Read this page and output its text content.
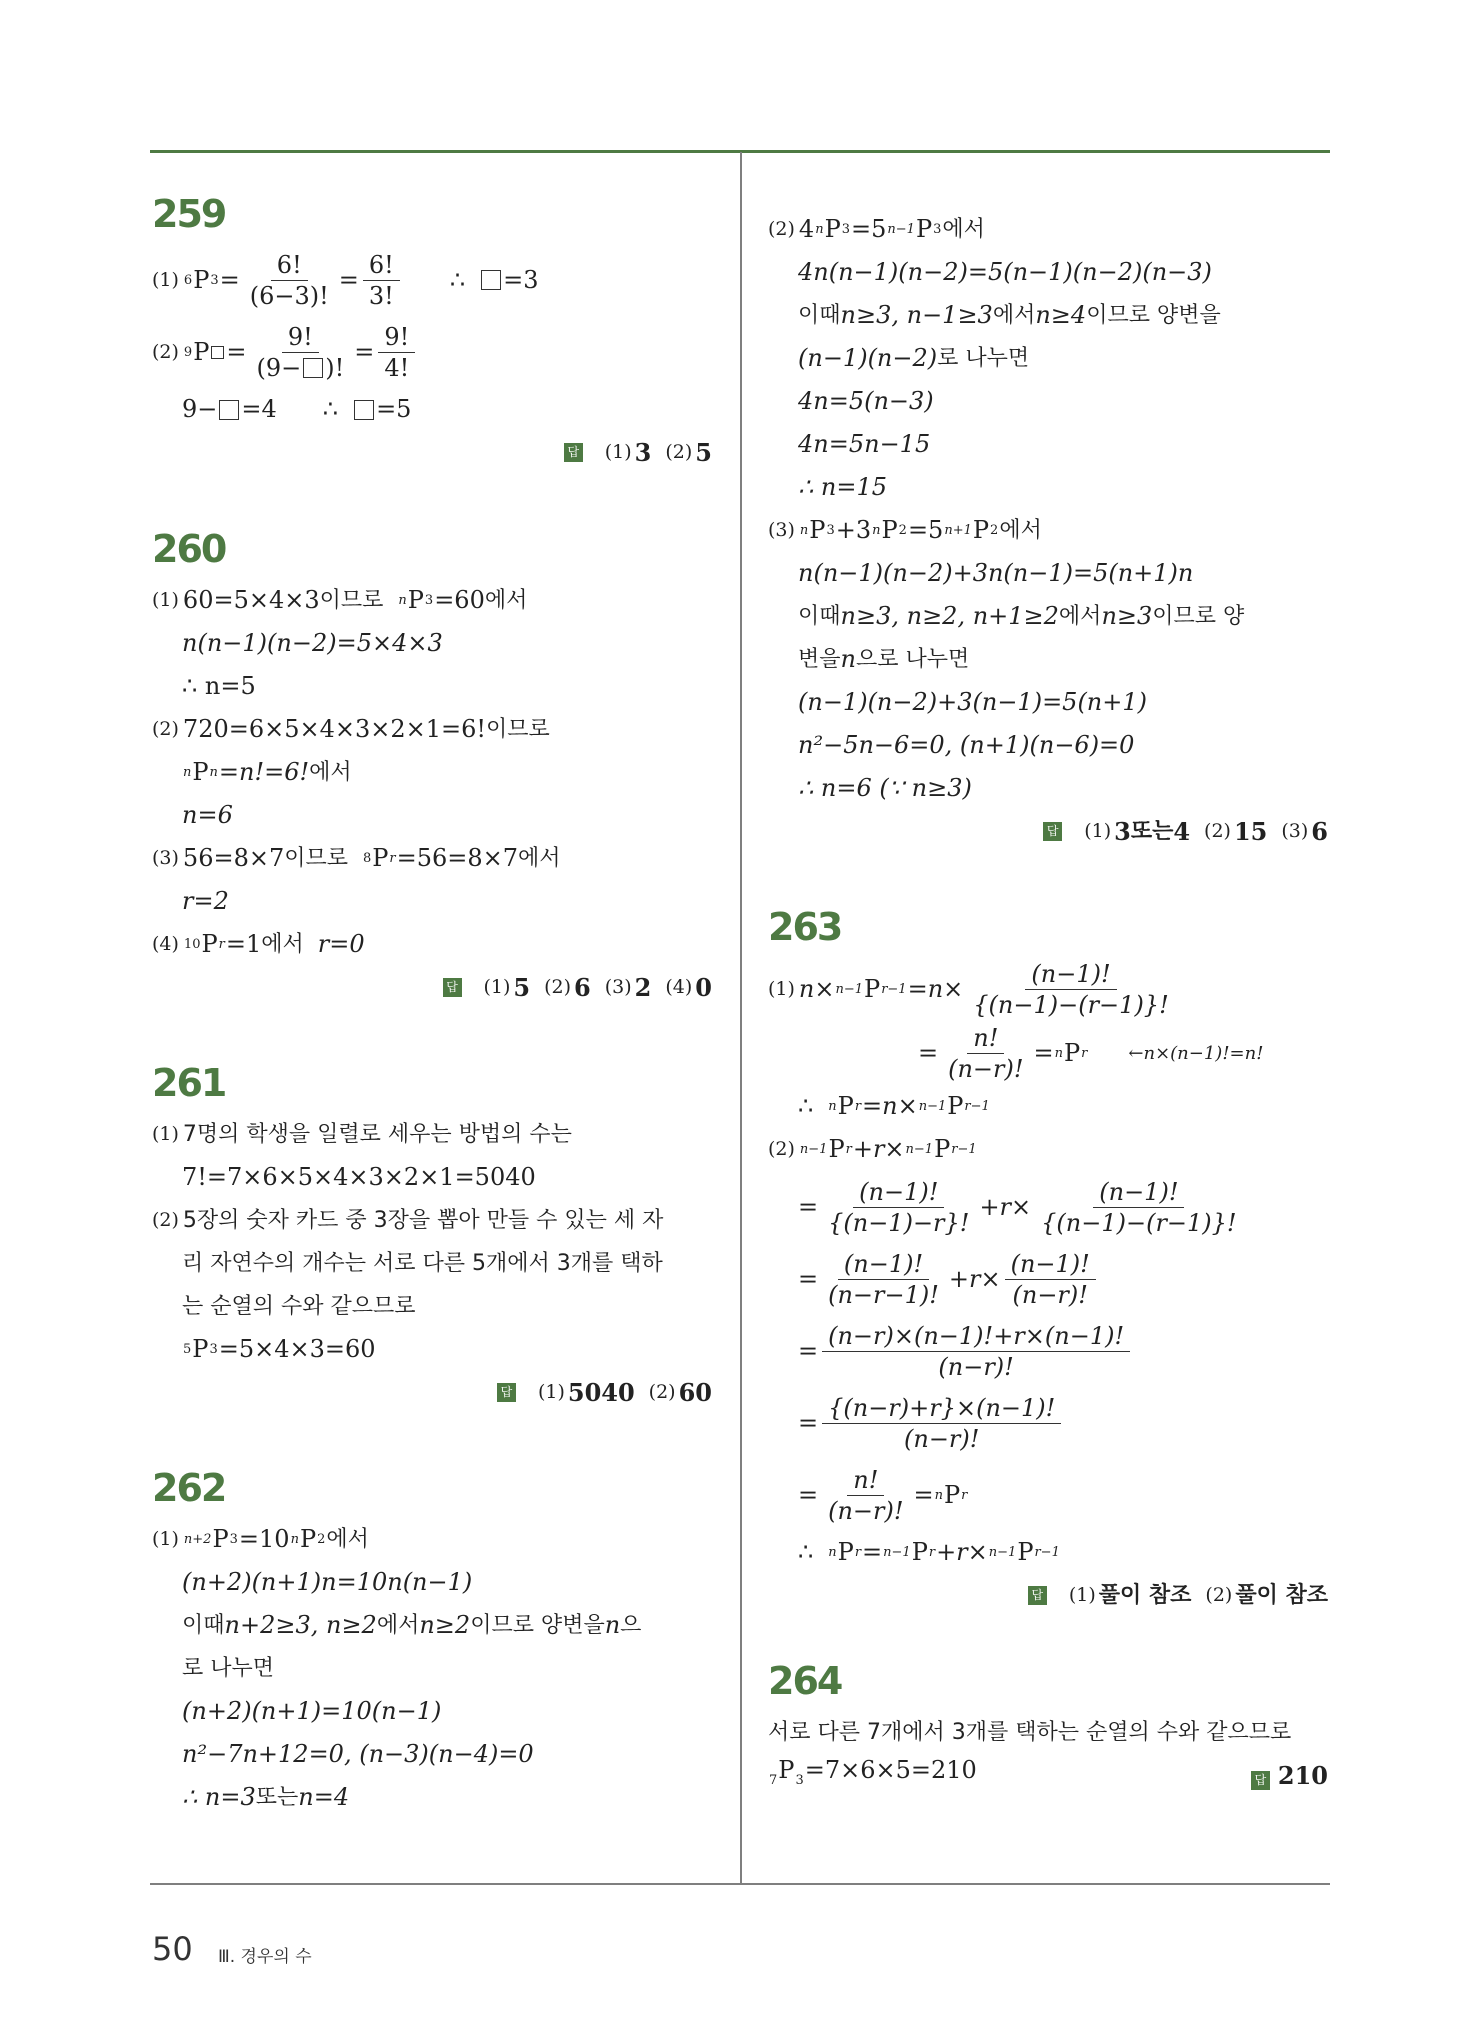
259
(1) 6 P $3 = \frac{6!}{(6-3)!} = \frac{6!}{3!}$ ∴ =3
(2) 9 $P = \frac{9!}{(9- )!} = \frac{9!}{4!}$
9− =4 ∴ =5
답 (1) 3 (2) 5
260
(1) 60=5×4×3 이므로 n P 3 =60 에서
n(n−1)(n−2)=5×4×3
∴ n=5
(2) 720=6×5×4×3×2×1=6! 이므로
n P n =n!=6! 에서
n=6
(3) 56=8×7 이므로 8 P r =56=8×7 에서
r=2
(4) 10 P r =1 에서 r=0
답 (1) 5 (2) 6 (3) 2 (4) 0
261
(1) 7명의 학생을 일렬로 세우는 방법의 수는
7!=7×6×5×4×3×2×1=5040
(2) 5장의 숫자 카드 중 3장을 뽑아 만들 수 있는 세 자
리 자연수의 개수는 서로 다른 5개에서 3개를 택하
는 순열의 수와 같으므로
5 P 3 =5×4×3=60
답 (1) 5040 (2) 60
262
(1) n+2 P 3 =10 n P 2 에서
(n+2)(n+1)n=10n(n−1)
이때 n+2≥3, n≥2 에서 n≥2 이므로 양변을 n 으
로 나누면
(n+2)(n+1)=10(n−1)
n²−7n+12=0, (n−3)(n−4)=0
∴ n=3 또는 n=4
(2) 4 n P 3 =5 n−1 P 3 에서
4n(n−1)(n−2)=5(n−1)(n−2)(n−3)
이때 n≥3, n−1≥3 에서 n≥4 이므로 양변을
(n−1)(n−2) 로 나누면
4n=5(n−3)
4n=5n−15
∴ n=15
(3) n P 3 +3 n P 2 =5 n+1 P 2 에서
n(n−1)(n−2)+3n(n−1)=5(n+1)n
이때 n≥3, n≥2, n+1≥2 에서 n≥3 이므로 양
변을 n 으로 나누면
(n−1)(n−2)+3(n−1)=5(n+1)
n²−5n−6=0, (n+1)(n−6)=0
∴ n=6 (∵ n≥3)
답 (1) 3 또는 4 (2) 15 (3) 6
263
(1) n× n−1 P $r-1 =n\times \frac{(n-1)!}{\{(n-1)-(r-1)\}!}$
= $\frac{n!}{(n-r)!} = n$ P r ←n×(n−1)!=n!
∴ n P r =n× n−1 P r−1
(2) n−1 P r +r× n−1 P r−1
= $\frac{(n-1)!}{\{(n-1)-r\}!} +r\times \frac{(n-1)!}{\{(n-1)-(r-1)\}!}$
= $\frac{(n-1)!}{(n-r-1)!} +r\times \frac{(n-1)!}{(n-r)!}$
= $\frac{(n-r)\times(n-1)!+r\times(n-1)!}{(n-r)!}$
= $\frac{\{(n-r)+r\}\times(n-1)!}{(n-r)!}$
= $\frac{n!}{(n-r)!} = n$ P r
∴ n P r = n−1 P r +r× n−1 P r−1
답 (1) 풀이 참조 (2) 풀이 참조
264
서로 다른 7개에서 3개를 택하는 순열의 수와 같으므로
$_7P_3=7\times 6\times 5=210$	답 210
50 Ⅲ. 경우의 수
